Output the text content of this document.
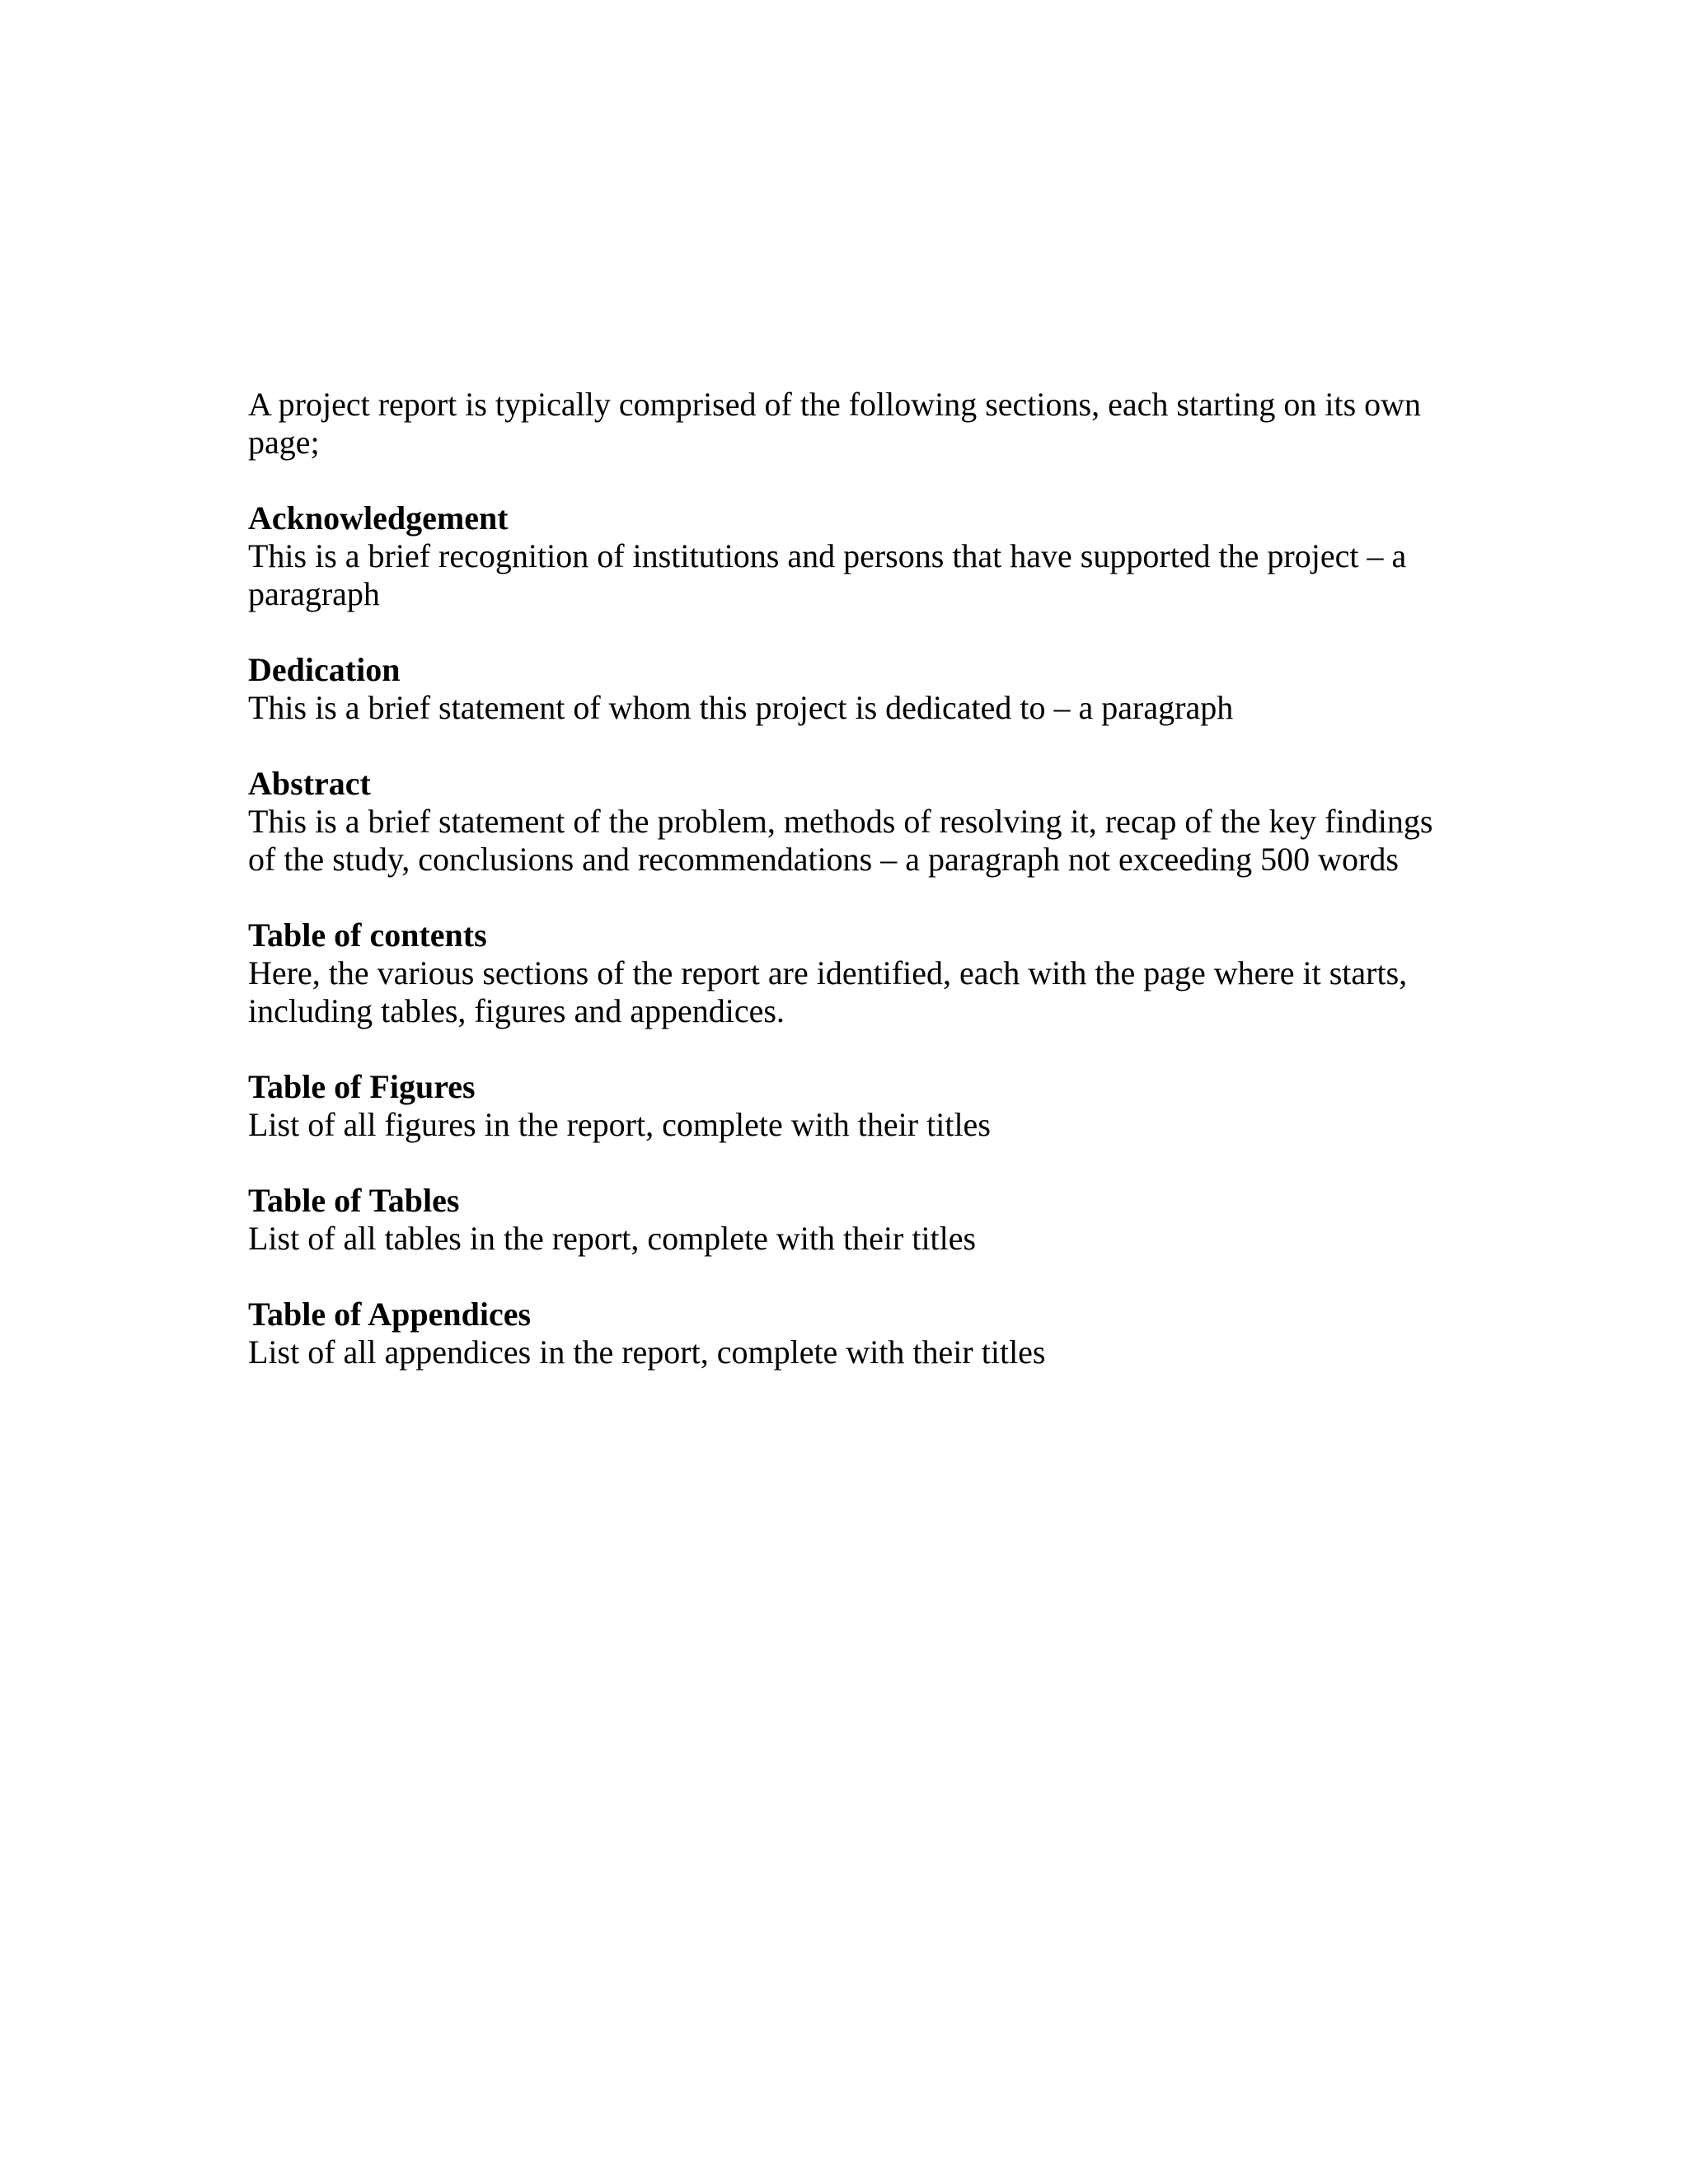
A project report is typically comprised of the following sections, each starting on its own page;

Acknowledgement

This is a brief recognition of institutions and persons that have supported the project – a paragraph

Dedication

This is a brief statement of whom this project is dedicated to – a paragraph

Abstract

This is a brief statement of the problem, methods of resolving it, recap of the key findings of the study, conclusions and recommendations – a paragraph not exceeding 500 words

Table of contents

Here, the various sections of the report are identified, each with the page where it starts, including tables, figures and appendices.

Table of Figures

List of all figures in the report, complete with their titles

Table of Tables

List of all tables in the report, complete with their titles

Table of Appendices

List of all appendices in the report, complete with their titles
